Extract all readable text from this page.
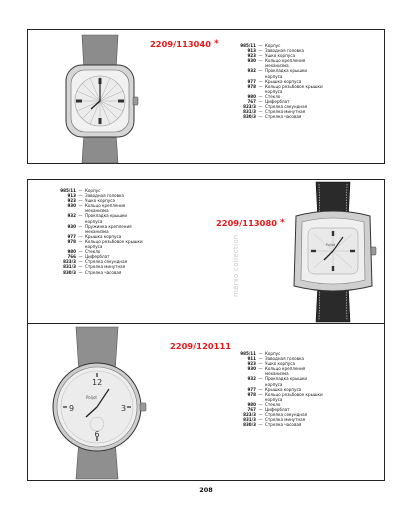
2209/113040 *	985/11 — Корпус
913 — Заводная головка
923 — Ушко корпуса
930 — Кольцо крепления механизма
932 — Прокладка крышки корпуса
977 — Крышка корпуса
978 — Кольцо резьбовое крышки корпуса
980 — Стекло
767 — Циферблат
823/3 — Стрелка секундная
831/3 — Стрелка минутная
830/3 — Стрелка часовая
985/11 — Корпус
913 — Заводная головка
923 — Ушко корпуса
930 — Кольцо крепления механизма
932 — Прокладка крышки корпуса
930 — Пружинка крепления механизма
977 — Крышка корпуса
978 — Кольцо резьбовое крышки корпуса
980 — Стекло
766 — Циферблат
823/3 — Стрелка секундная
831/3 — Стрелка минутная
830/3 — Стрелка часовая
2209/113080 *
Poljot
12
3
6
9
Poljot
2209/120111
985/11 — Корпус
911 — Заводная головка
923 — Ушко корпуса
930 — Кольцо крепления механизма
932 — Прокладка крышки корпуса
977 — Крышка корпуса
978 — Кольцо резьбовое крышки корпуса
980 — Стекло
767 — Циферблат
823/3 — Стрелка секундная
831/3 — Стрелка минутная
830/3 — Стрелка часовая
merxo collection
208
